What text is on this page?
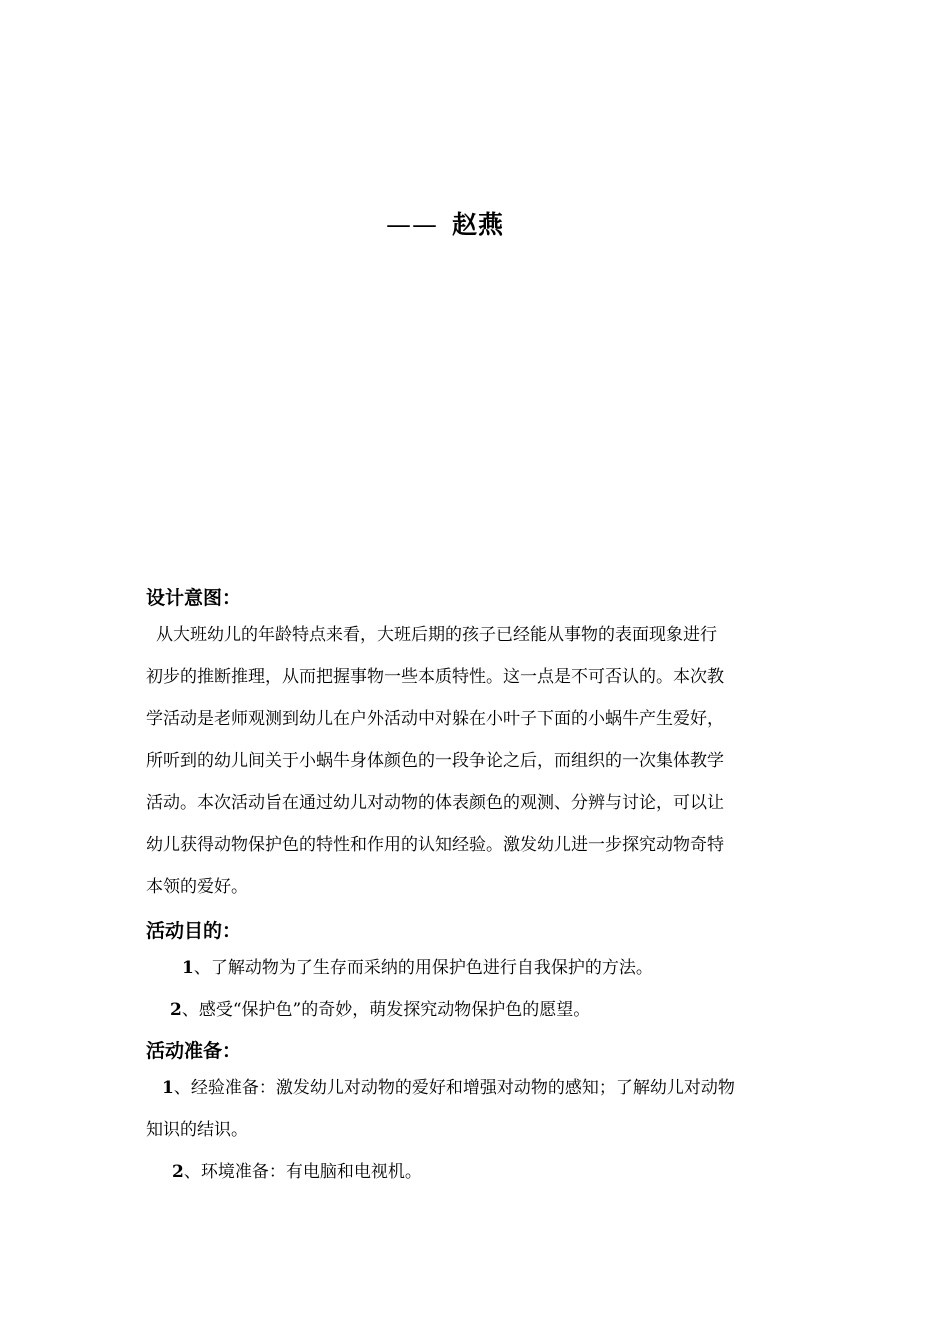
—— 赵燕
设计意图：
从大班幼儿的年龄特点来看，大班后期的孩子已经能从事物的表面现象进行
初步的推断推理，从而把握事物一些本质特性。这一点是不可否认的。本次教
学活动是老师观测到幼儿在户外活动中对躲在小叶子下面的小蜗牛产生爱好，
所听到的幼儿间关于小蜗牛身体颜色的一段争论之后，而组织的一次集体教学
活动。本次活动旨在通过幼儿对动物的体表颜色的观测、分辨与讨论，可以让
幼儿获得动物保护色的特性和作用的认知经验。激发幼儿进一步探究动物奇特
本领的爱好。
活动目的：
1、了解动物为了生存而采纳的用保护色进行自我保护的方法。
2、感受“保护色”的奇妙，萌发探究动物保护色的愿望。
活动准备：
1、经验准备：激发幼儿对动物的爱好和增强对动物的感知；了解幼儿对动物
知识的结识。
2、环境准备：有电脑和电视机。
